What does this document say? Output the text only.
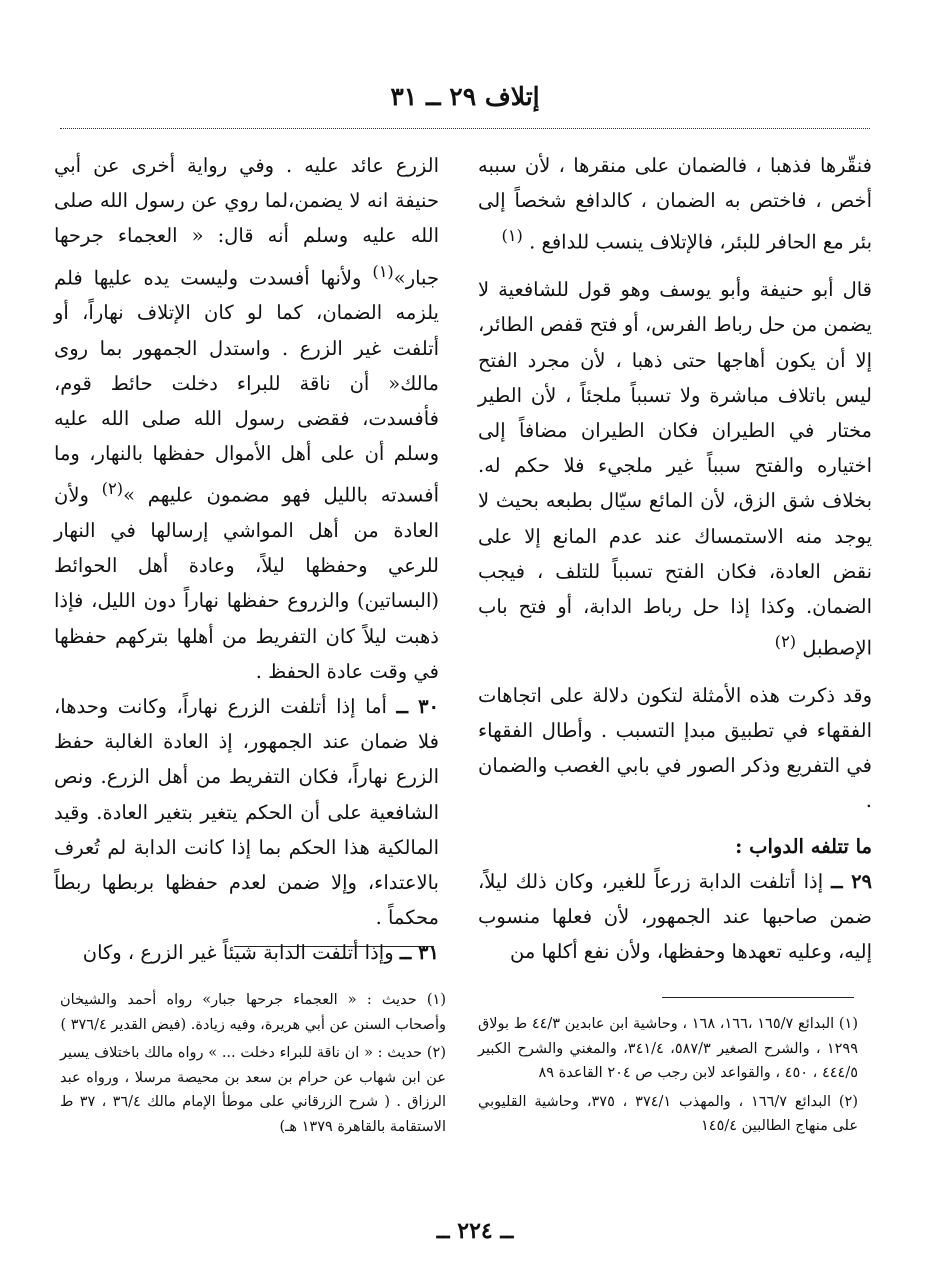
إتلاف ٢٩ ــ ٣١

فنقّرها فذهبا ، فالضمان على منقرها ، لأن سببه أخص ، فاختص به الضمان ، كالدافع شخصاً إلى بئر مع الحافر للبئر، فالإتلاف ينسب للدافع . $^{(١)}$

قال أبو حنيفة وأبو يوسف وهو قول للشافعية لا يضمن من حل رباط الفرس، أو فتح قفص الطائر، إلا أن يكون أهاجها حتى ذهبا ، لأن مجرد الفتح ليس باتلاف مباشرة ولا تسبباً ملجئاً ، لأن الطير مختار في الطيران فكان الطيران مضافاً إلى اختياره والفتح سبباً غير ملجيء فلا حكم له. بخلاف شق الزق، لأن المائع سيّال بطبعه بحيث لا يوجد منه الاستمساك عند عدم المانع إلا على نقض العادة، فكان الفتح تسبباً للتلف ، فيجب الضمان. وكذا إذا حل رباط الدابة، أو فتح باب الإصطبل $^{(٢)}$

وقد ذكرت هذه الأمثلة لتكون دلالة على اتجاهات الفقهاء في تطبيق مبدإ التسبب . وأطال الفقهاء في التفريع وذكر الصور في بابي الغصب والضمان .

ما تتلفه الدواب :

٢٩ ــ إذا أتلفت الدابة زرعاً للغير، وكان ذلك ليلاً، ضمن صاحبها عند الجمهور، لأن فعلها منسوب إليه، وعليه تعهدها وحفظها، ولأن نفع أكلها من

الزرع عائد عليه . وفي رواية أخرى عن أبي حنيفة انه لا يضمن،لما روي عن رسول الله صلى الله عليه وسلم أنه قال: « العجماء جرحها جبار»$^{(١)}$ ولأنها أفسدت وليست يده عليها فلم يلزمه الضمان، كما لو كان الإتلاف نهاراً، أو أتلفت غير الزرع . واستدل الجمهور بما روى مالك« أن ناقة للبراء دخلت حائط قوم، فأفسدت، فقضى رسول الله صلى الله عليه وسلم أن على أهل الأموال حفظها بالنهار، وما أفسدته بالليل فهو مضمون عليهم »$^{(٢)}$ ولأن العادة من أهل المواشي إرسالها في النهار للرعي وحفظها ليلاً، وعادة أهل الحوائط (البساتين) والزروع حفظها نهاراً دون الليل، فإذا ذهبت ليلاً كان التفريط من أهلها بتركهم حفظها في وقت عادة الحفظ .

٣٠ ــ أما إذا أتلفت الزرع نهاراً، وكانت وحدها، فلا ضمان عند الجمهور، إذ العادة الغالبة حفظ الزرع نهاراً، فكان التفريط من أهل الزرع. ونص الشافعية على أن الحكم يتغير بتغير العادة. وقيد المالكية هذا الحكم بما إذا كانت الدابة لم تُعرف بالاعتداء، وإلا ضمن لعدم حفظها بربطها ربطاً محكماً .

٣١ ــ وإذا أتلفت الدابة شيئاً غير الزرع ، وكان

(١) البدائع ١٦٥/٧ ،١٦٦، ١٦٨ ، وحاشية ابن عابدين ٤٤/٣ ط بولاق ١٢٩٩ ، والشرح الصغير ٥٨٧/٣، ٣٤١/٤، والمغني والشرح الكبير ٤٤٤/٥ ، ٤٥٠ ، والقواعد لابن رجب ص ٢٠٤ القاعدة ٨٩

(٢) البدائع ١٦٦/٧ ، والمهذب ٣٧٤/١ ، ٣٧٥، وحاشية القليوبي على منهاج الطالبين ١٤٥/٤

(١) حديث : « العجماء جرحها جبار» رواه أحمد والشيخان وأصحاب السنن عن أبي هريرة، وفيه زيادة. (فيض القدير ٣٧٦/٤ )

(٢) حديث : « ان ناقة للبراء دخلت ... » رواه مالك باختلاف يسير عن ابن شهاب عن حرام بن سعد بن محيصة مرسلا ، ورواه عبد الرزاق . ( شرح الزرقاني على موطأ الإمام مالك ٣٦/٤ ، ٣٧ ط الاستقامة بالقاهرة ١٣٧٩ هـ)

ــ ٢٢٤ ــ
